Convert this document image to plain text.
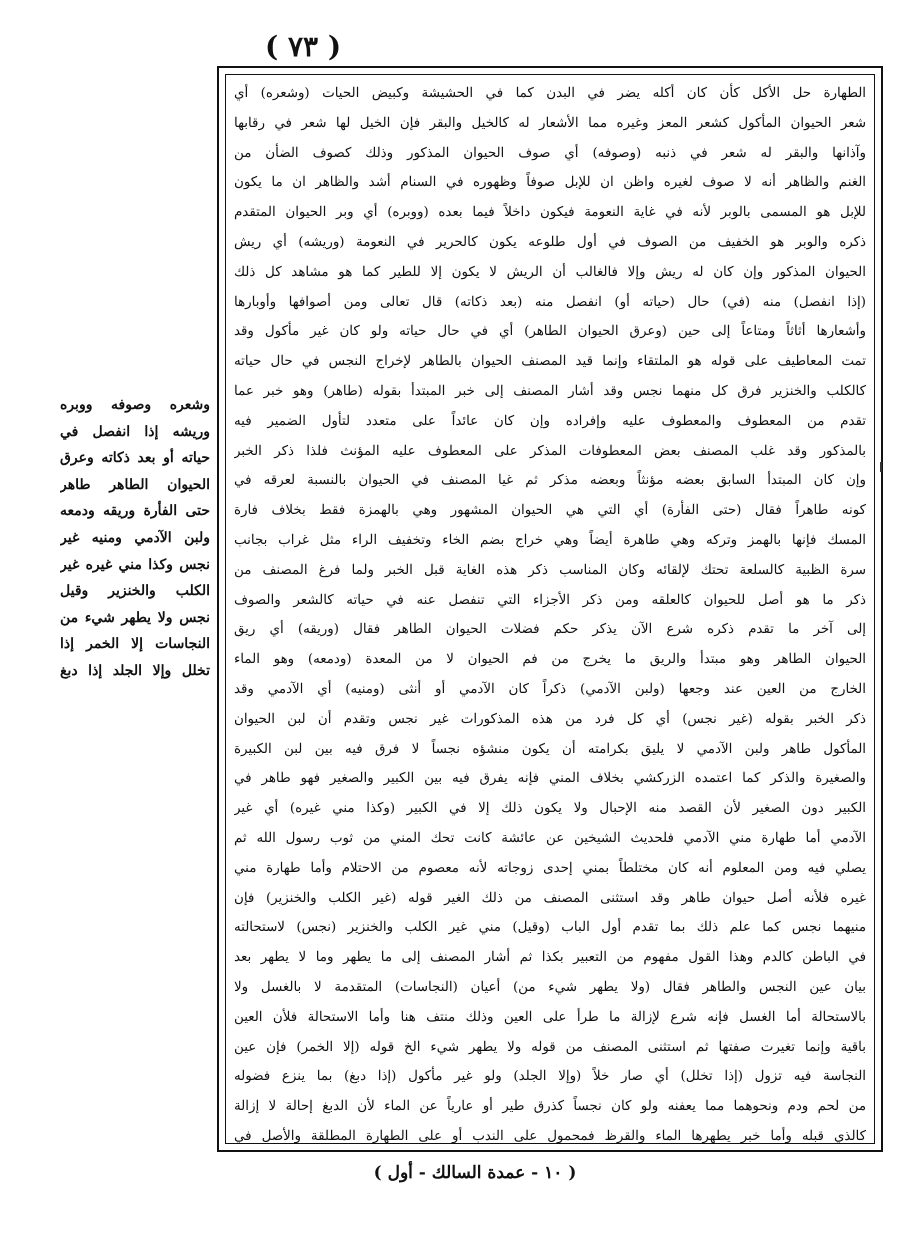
( ٧٣ )
الطهارة حل الأكل كأن كان أكله يضر في البدن كما في الحشيشة وكبيض الحيات (وشعره) أي
شعر الحيوان المأكول كشعر المعز وغيره مما الأشعار له كالخيل والبقر فإن الخيل لها شعر في رقابها
وآذانها والبقر له شعر في ذنبه (وصوفه) أي صوف الحيوان المذكور وذلك كصوف الضأن من
الغنم والظاهر أنه لا صوف لغيره واظن ان للإبل صوفاً وظهوره في السنام أشد والظاهر ان ما يكون
للإبل هو المسمى بالوبر لأنه في غاية النعومة فيكون داخلاً فيما بعده (ووبره) أي وبر الحيوان المتقدم
ذكره والوبر هو الخفيف من الصوف في أول طلوعه يكون كالحرير في النعومة (وريشه) أي ريش
الحيوان المذكور وإن كان له ريش وإلا فالغالب أن الريش لا يكون إلا للطير كما هو مشاهد كل ذلك
(إذا انفصل) منه (في) حال (حياته أو) انفصل منه (بعد ذكاته) قال تعالى ومن أصوافها وأوبارها
وأشعارها أثاثاً ومتاعاً إلى حين (وعرق الحيوان الطاهر) أي في حال حياته ولو كان غير مأكول وقد
تمت المعاطيف على قوله هو الملتقاء وإنما قيد المصنف الحيوان بالطاهر لإخراج النجس في حال حياته
كالكلب والخنزير فرق كل منهما نجس وقد أشار المصنف إلى خبر المبتدأ بقوله (طاهر) وهو خبر عما
تقدم من المعطوف والمعطوف عليه وإفراده وإن كان عائداً على متعدد لتأول الضمير فيه
بالمذكور وقد غلب المصنف بعض المعطوفات المذكر على المعطوف عليه المؤنث فلذا ذكر الخبر
وإن كان المبتدأ السابق بعضه مؤنثاً وبعضه مذكر ثم غيا المصنف في الحيوان بالنسبة لعرقه في
كونه طاهراً فقال (حتى الفأرة) أي التي هي الحيوان المشهور وهي بالهمزة فقط بخلاف فارة
المسك فإنها بالهمز وتركه وهي طاهرة أيضاً وهي خراج بضم الخاء وتخفيف الراء مثل غراب بجانب
سرة الظبية كالسلعة تحتك لإلقائه وكان المناسب ذكر هذه الغاية قبل الخبر ولما فرغ المصنف من
ذكر ما هو أصل للحيوان كالعلقه ومن ذكر الأجزاء التي تنفصل عنه في حياته كالشعر والصوف
إلى آخر ما تقدم ذكره شرع الآن يذكر حكم فضلات الحيوان الطاهر فقال (وريقه) أي ريق
الحيوان الطاهر وهو مبتدأ والريق ما يخرج من فم الحيوان لا من المعدة (ودمعه) وهو الماء
الخارج من العين عند وجعها (ولبن الآدمي) ذكراً كان الآدمي أو أنثى (ومنيه) أي الآدمي وقد
ذكر الخبر بقوله (غير نجس) أي كل فرد من هذه المذكورات غير نجس وتقدم أن لبن الحيوان
المأكول طاهر ولبن الآدمي لا يليق بكرامته أن يكون منشؤه نجساً لا فرق فيه بين لبن الكبيرة
والصغيرة والذكر كما اعتمده الزركشي بخلاف المني فإنه يفرق فيه بين الكبير والصغير فهو طاهر في
الكبير دون الصغير لأن القصد منه الإحبال ولا يكون ذلك إلا في الكبير (وكذا مني غيره) أي غير
الآدمي أما طهارة مني الآدمي فلحديث الشيخين عن عائشة كانت تحك المني من ثوب رسول الله ثم
يصلي فيه ومن المعلوم أنه كان مختلطاً بمني إحدى زوجاته لأنه معصوم من الاحتلام وأما طهارة مني
غيره فلأنه أصل حيوان طاهر وقد استثنى المصنف من ذلك الغير قوله (غير الكلب والخنزير) فإن
منيهما نجس كما علم ذلك بما تقدم أول الباب (وقيل) مني غير الكلب والخنزير (نجس) لاستحالته
في الباطن كالدم وهذا القول مفهوم من التعبير بكذا ثم أشار المصنف إلى ما يطهر وما لا يطهر بعد
بيان عين النجس والطاهر فقال (ولا يطهر شيء من) أعيان (النجاسات) المتقدمة لا بالغسل ولا
بالاستحالة أما الغسل فإنه شرع لإزالة ما طرأ على العين وذلك منتف هنا وأما الاستحالة فلأن العين
باقية وإنما تغيرت صفتها ثم استثنى المصنف من قوله ولا يطهر شيء الخ قوله (إلا الخمر) فإن عين
النجاسة فيه تزول (إذا تخلل) أي صار خلاً (وإلا الجلد) ولو غير مأكول (إذا دبغ) بما ينزع فضوله
من لحم ودم ونحوهما مما يعفنه ولو كان نجساً كذرق طير أو عارياً عن الماء لأن الدبغ إحالة لا إزالة
كالذي قبله وأما خبر يطهرها الماء والقرظ فمحمول على الندب أو على الطهارة المطلقة والأصل في
وشعره وصوفه ووبره
وريشه إذا انفصل في
حياته أو بعد ذكاته وعرق
الحيوان الطاهر طاهر
حتى الفأرة وريقه ودمعه
ولبن الآدمي ومنيه غير
نجس وكذا مني غيره غير
الكلب والخنزير وقيل
نجس ولا يطهر شيء من
النجاسات إلا الخمر إذا
تخلل وإلا الجلد إذا دبغ
( ١٠ - عمدة السالك - أول )
